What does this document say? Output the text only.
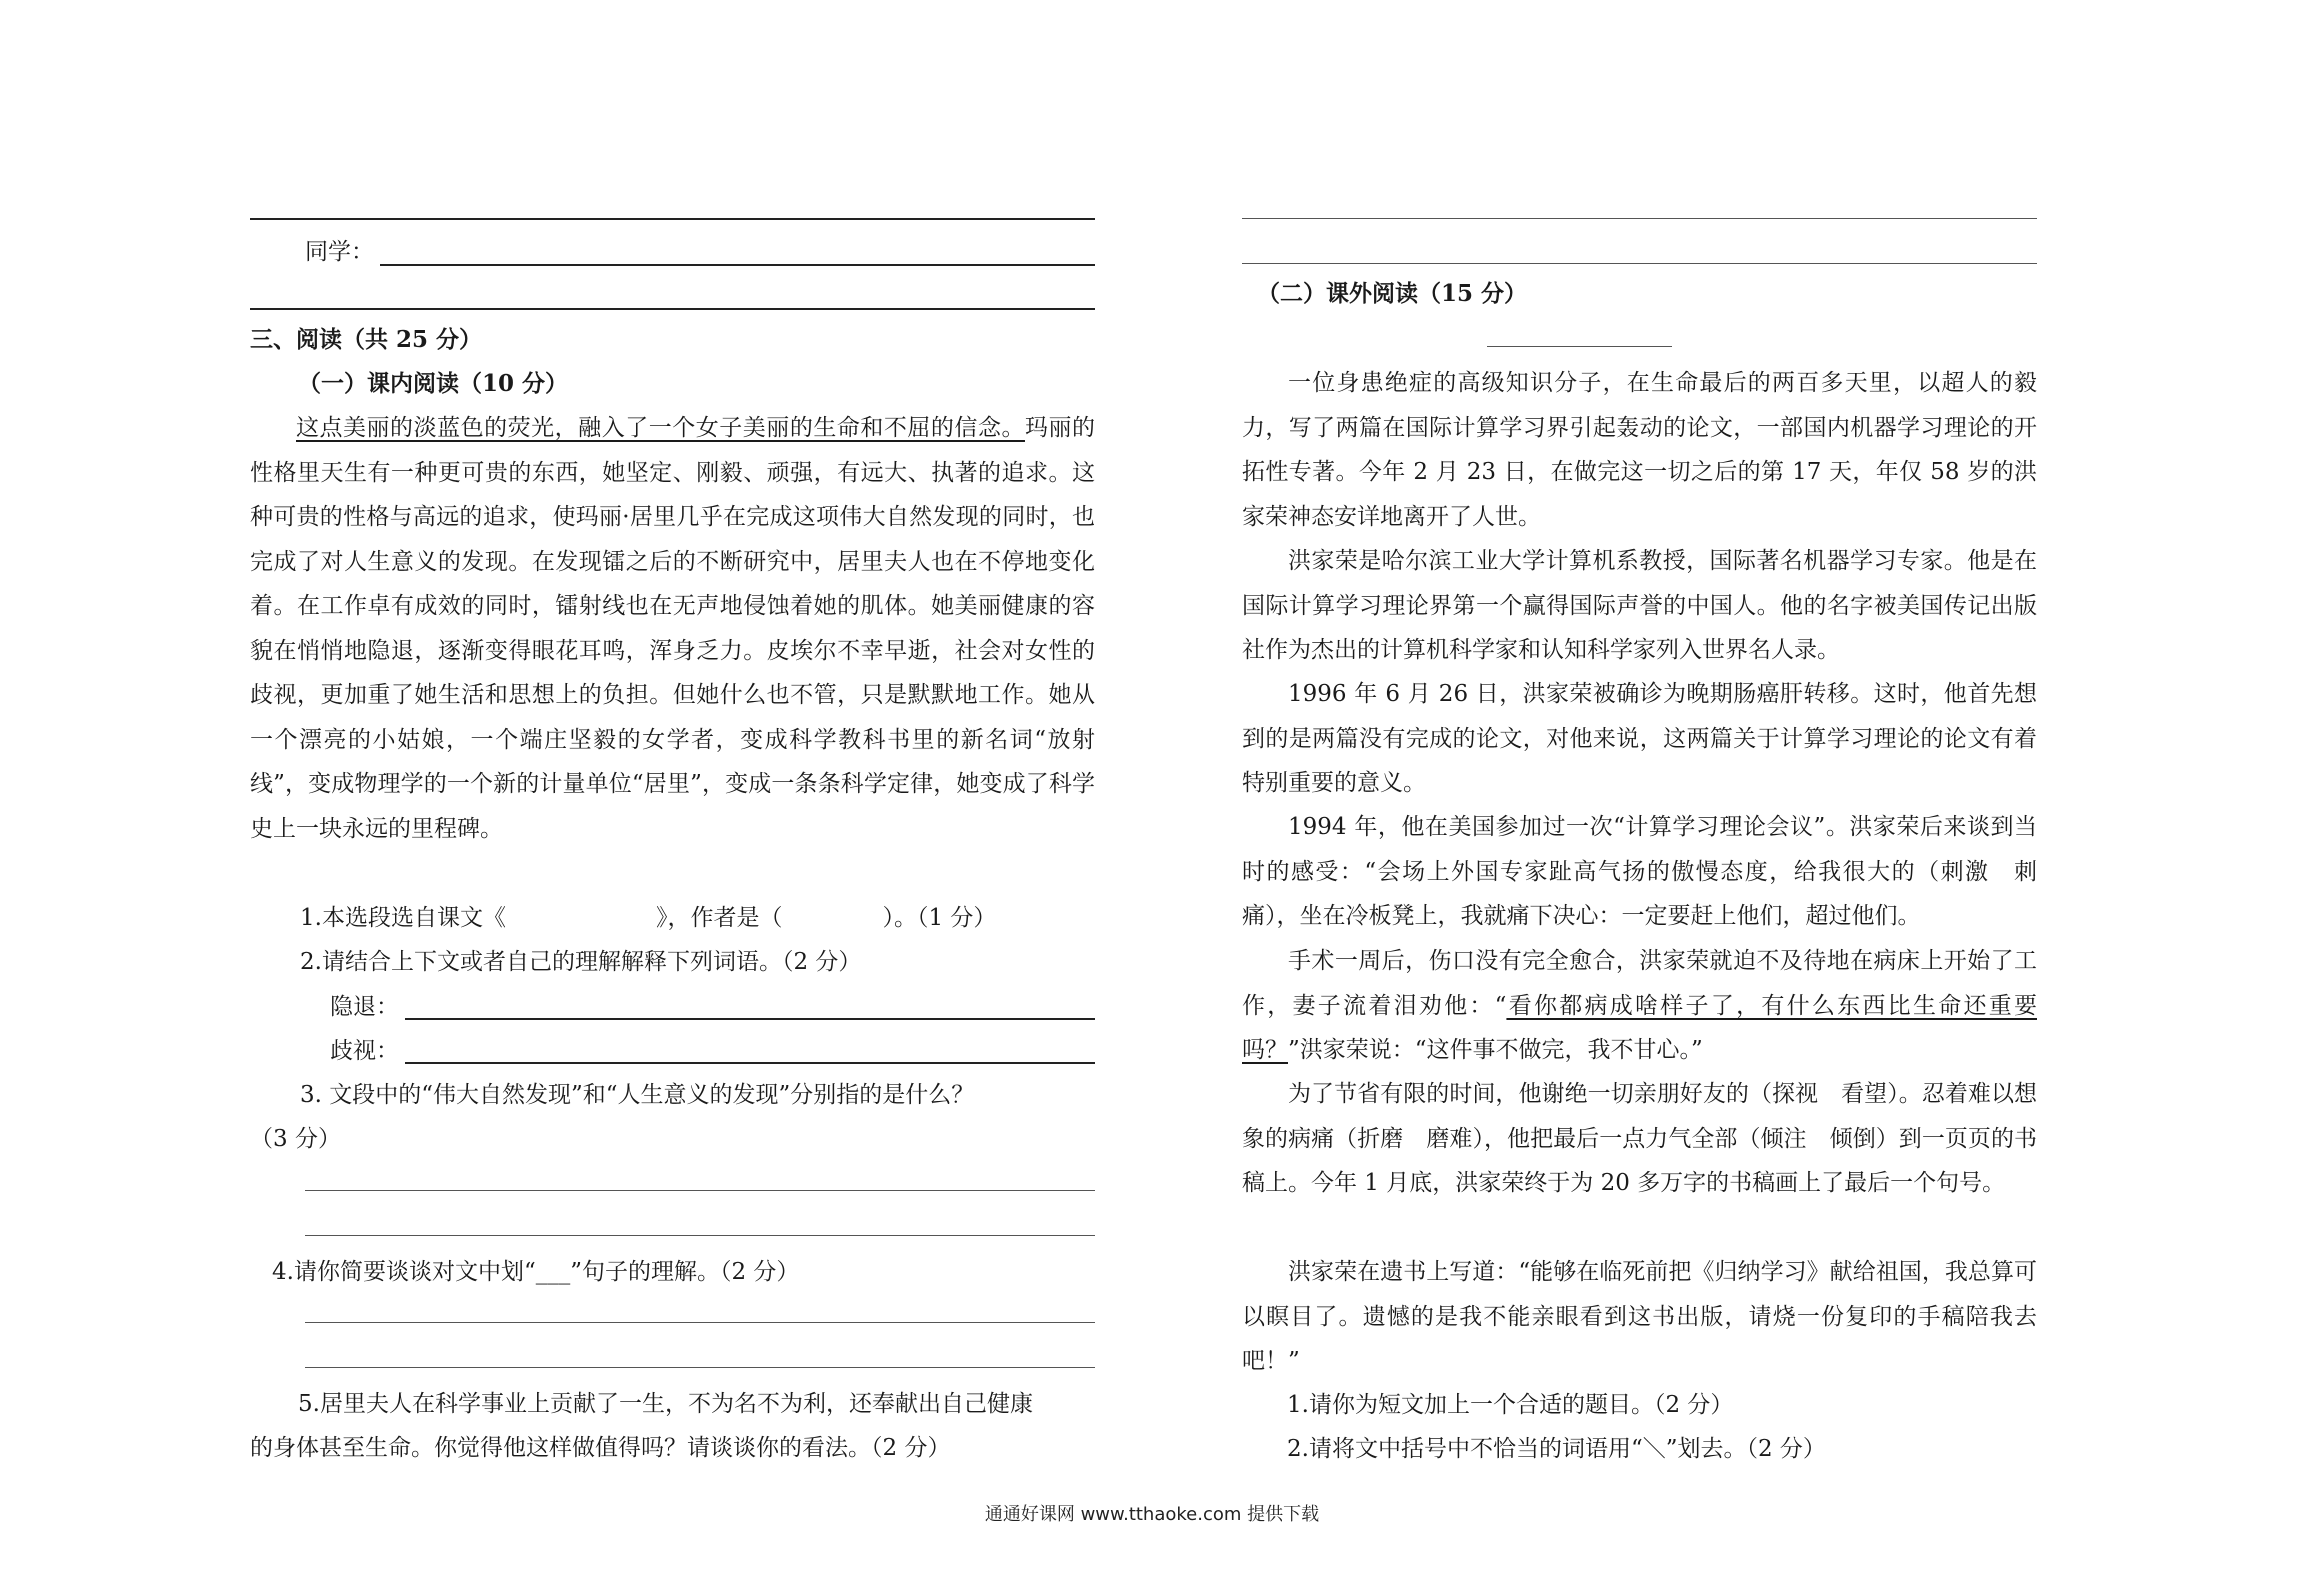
同学：
三、阅读（共 25 分）
（一）课内阅读（10 分）
这点美丽的淡蓝色的荧光，融入了一个女子美丽的生命和不屈的信念。玛丽的性格里天生有一种更可贵的东西，她坚定、刚毅、顽强，有远大、执著的追求。这种可贵的性格与高远的追求，使玛丽·居里几乎在完成这项伟大自然发现的同时，也完成了对人生意义的发现。在发现镭之后的不断研究中，居里夫人也在不停地变化着。在工作卓有成效的同时，镭射线也在无声地侵蚀着她的肌体。她美丽健康的容貌在悄悄地隐退，逐渐变得眼花耳鸣，浑身乏力。皮埃尔不幸早逝，社会对女性的歧视，更加重了她生活和思想上的负担。但她什么也不管，只是默默地工作。她从一个漂亮的小姑娘，一个端庄坚毅的女学者，变成科学教科书里的新名词“放射线”，变成物理学的一个新的计量单位“居里”，变成一条条科学定律，她变成了科学史上一块永远的里程碑。
1.本选段选自课文《	》，作者是（	）。（1 分）
2.请结合上下文或者自己的理解解释下列词语。（2 分）
隐退：
歧视：
3. 文段中的“伟大自然发现”和“人生意义的发现”分别指的是什么？
（3 分）
4.请你简要谈谈对文中划“___”句子的理解。（2 分）
5.居里夫人在科学事业上贡献了一生，不为名不为利，还奉献出自己健康
的身体甚至生命。你觉得他这样做值得吗？请谈谈你的看法。（2 分）
（二）课外阅读（15 分）
一位身患绝症的高级知识分子，在生命最后的两百多天里，以超人的毅力，写了两篇在国际计算学习界引起轰动的论文，一部国内机器学习理论的开拓性专著。今年 2 月 23 日，在做完这一切之后的第 17 天，年仅 58 岁的洪家荣神态安详地离开了人世。
洪家荣是哈尔滨工业大学计算机系教授，国际著名机器学习专家。他是在国际计算学习理论界第一个赢得国际声誉的中国人。他的名字被美国传记出版社作为杰出的计算机科学家和认知科学家列入世界名人录。
1996 年 6 月 26 日，洪家荣被确诊为晚期肠癌肝转移。这时，他首先想到的是两篇没有完成的论文，对他来说，这两篇关于计算学习理论的论文有着特别重要的意义。
1994 年，他在美国参加过一次“计算学习理论会议”。洪家荣后来谈到当时的感受：“会场上外国专家趾高气扬的傲慢态度，给我很大的（刺激　刺痛），坐在冷板凳上，我就痛下决心：一定要赶上他们，超过他们。
手术一周后，伤口没有完全愈合，洪家荣就迫不及待地在病床上开始了工作，妻子流着泪劝他：“看你都病成啥样子了，有什么东西比生命还重要吗？”洪家荣说：“这件事不做完，我不甘心。”
为了节省有限的时间，他谢绝一切亲朋好友的（探视　看望）。忍着难以想象的病痛（折磨　磨难），他把最后一点力气全部（倾注　倾倒）到一页页的书稿上。今年 1 月底，洪家荣终于为 20 多万字的书稿画上了最后一个句号。
洪家荣在遗书上写道：“能够在临死前把《归纳学习》献给祖国，我总算可以瞑目了。遗憾的是我不能亲眼看到这书出版，请烧一份复印的手稿陪我去吧！”
1.请你为短文加上一个合适的题目。（2 分）
2.请将文中括号中不恰当的词语用“＼”划去。（2 分）
通通好课网 www.tthaoke.com 提供下载
